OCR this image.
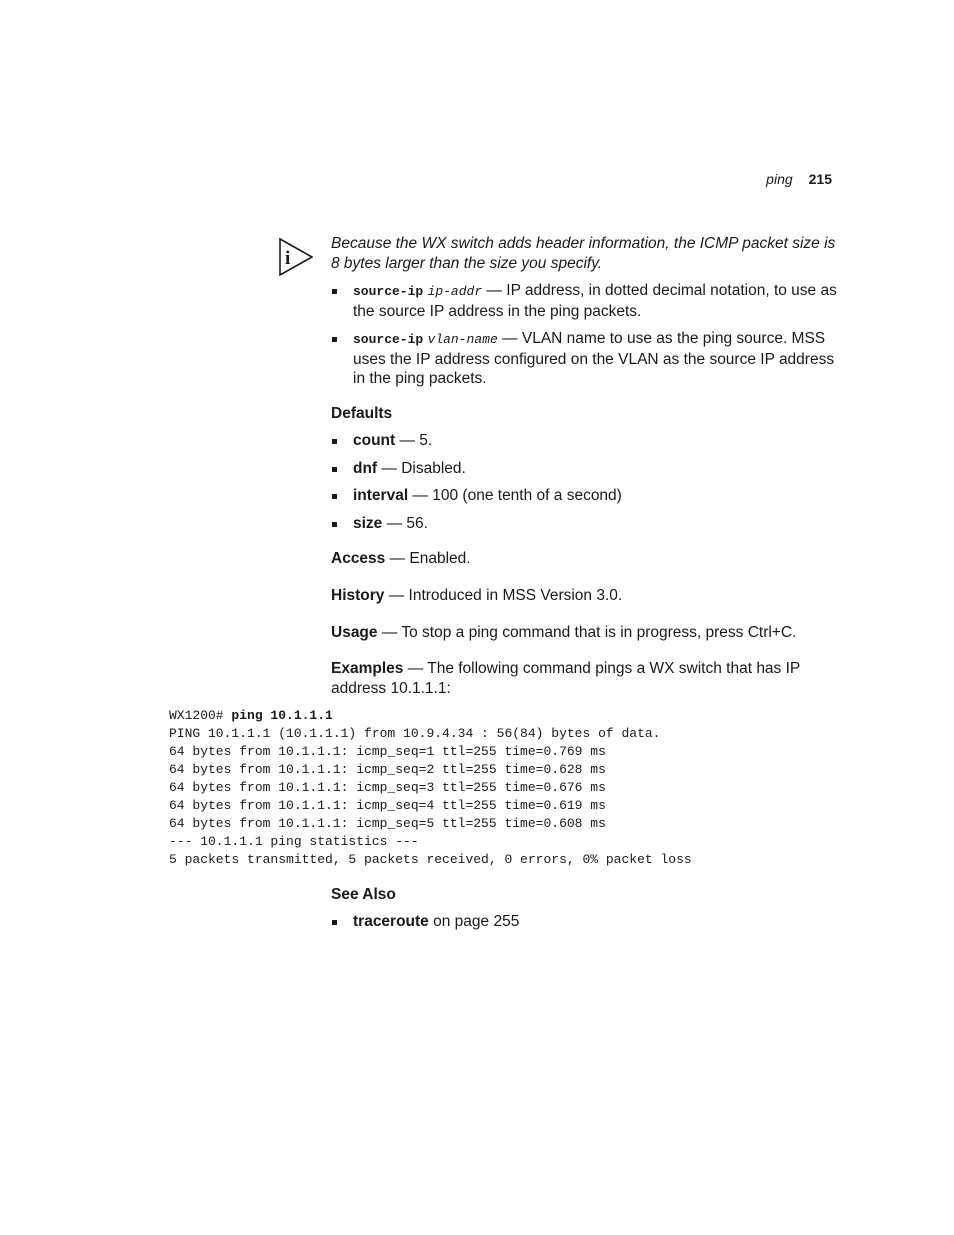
ping 215
i
Because the WX switch adds header information, the ICMP packet size is 8 bytes larger than the size you specify.
source-ip ip-addr — IP address, in dotted decimal notation, to use as the source IP address in the ping packets.
source-ip vlan-name — VLAN name to use as the ping source. MSS uses the IP address configured on the VLAN as the source IP address in the ping packets.
Defaults
count — 5.
dnf — Disabled.
interval — 100 (one tenth of a second)
size — 56.
Access — Enabled.
History — Introduced in MSS Version 3.0.
Usage — To stop a ping command that is in progress, press Ctrl+C.
Examples — The following command pings a WX switch that has IP address 10.1.1.1:
WX1200# ping 10.1.1.1
PING 10.1.1.1 (10.1.1.1) from 10.9.4.34 : 56(84) bytes of data.
64 bytes from 10.1.1.1: icmp_seq=1 ttl=255 time=0.769 ms
64 bytes from 10.1.1.1: icmp_seq=2 ttl=255 time=0.628 ms
64 bytes from 10.1.1.1: icmp_seq=3 ttl=255 time=0.676 ms
64 bytes from 10.1.1.1: icmp_seq=4 ttl=255 time=0.619 ms
64 bytes from 10.1.1.1: icmp_seq=5 ttl=255 time=0.608 ms
--- 10.1.1.1 ping statistics ---
5 packets transmitted, 5 packets received, 0 errors, 0% packet loss
See Also
traceroute on page 255
